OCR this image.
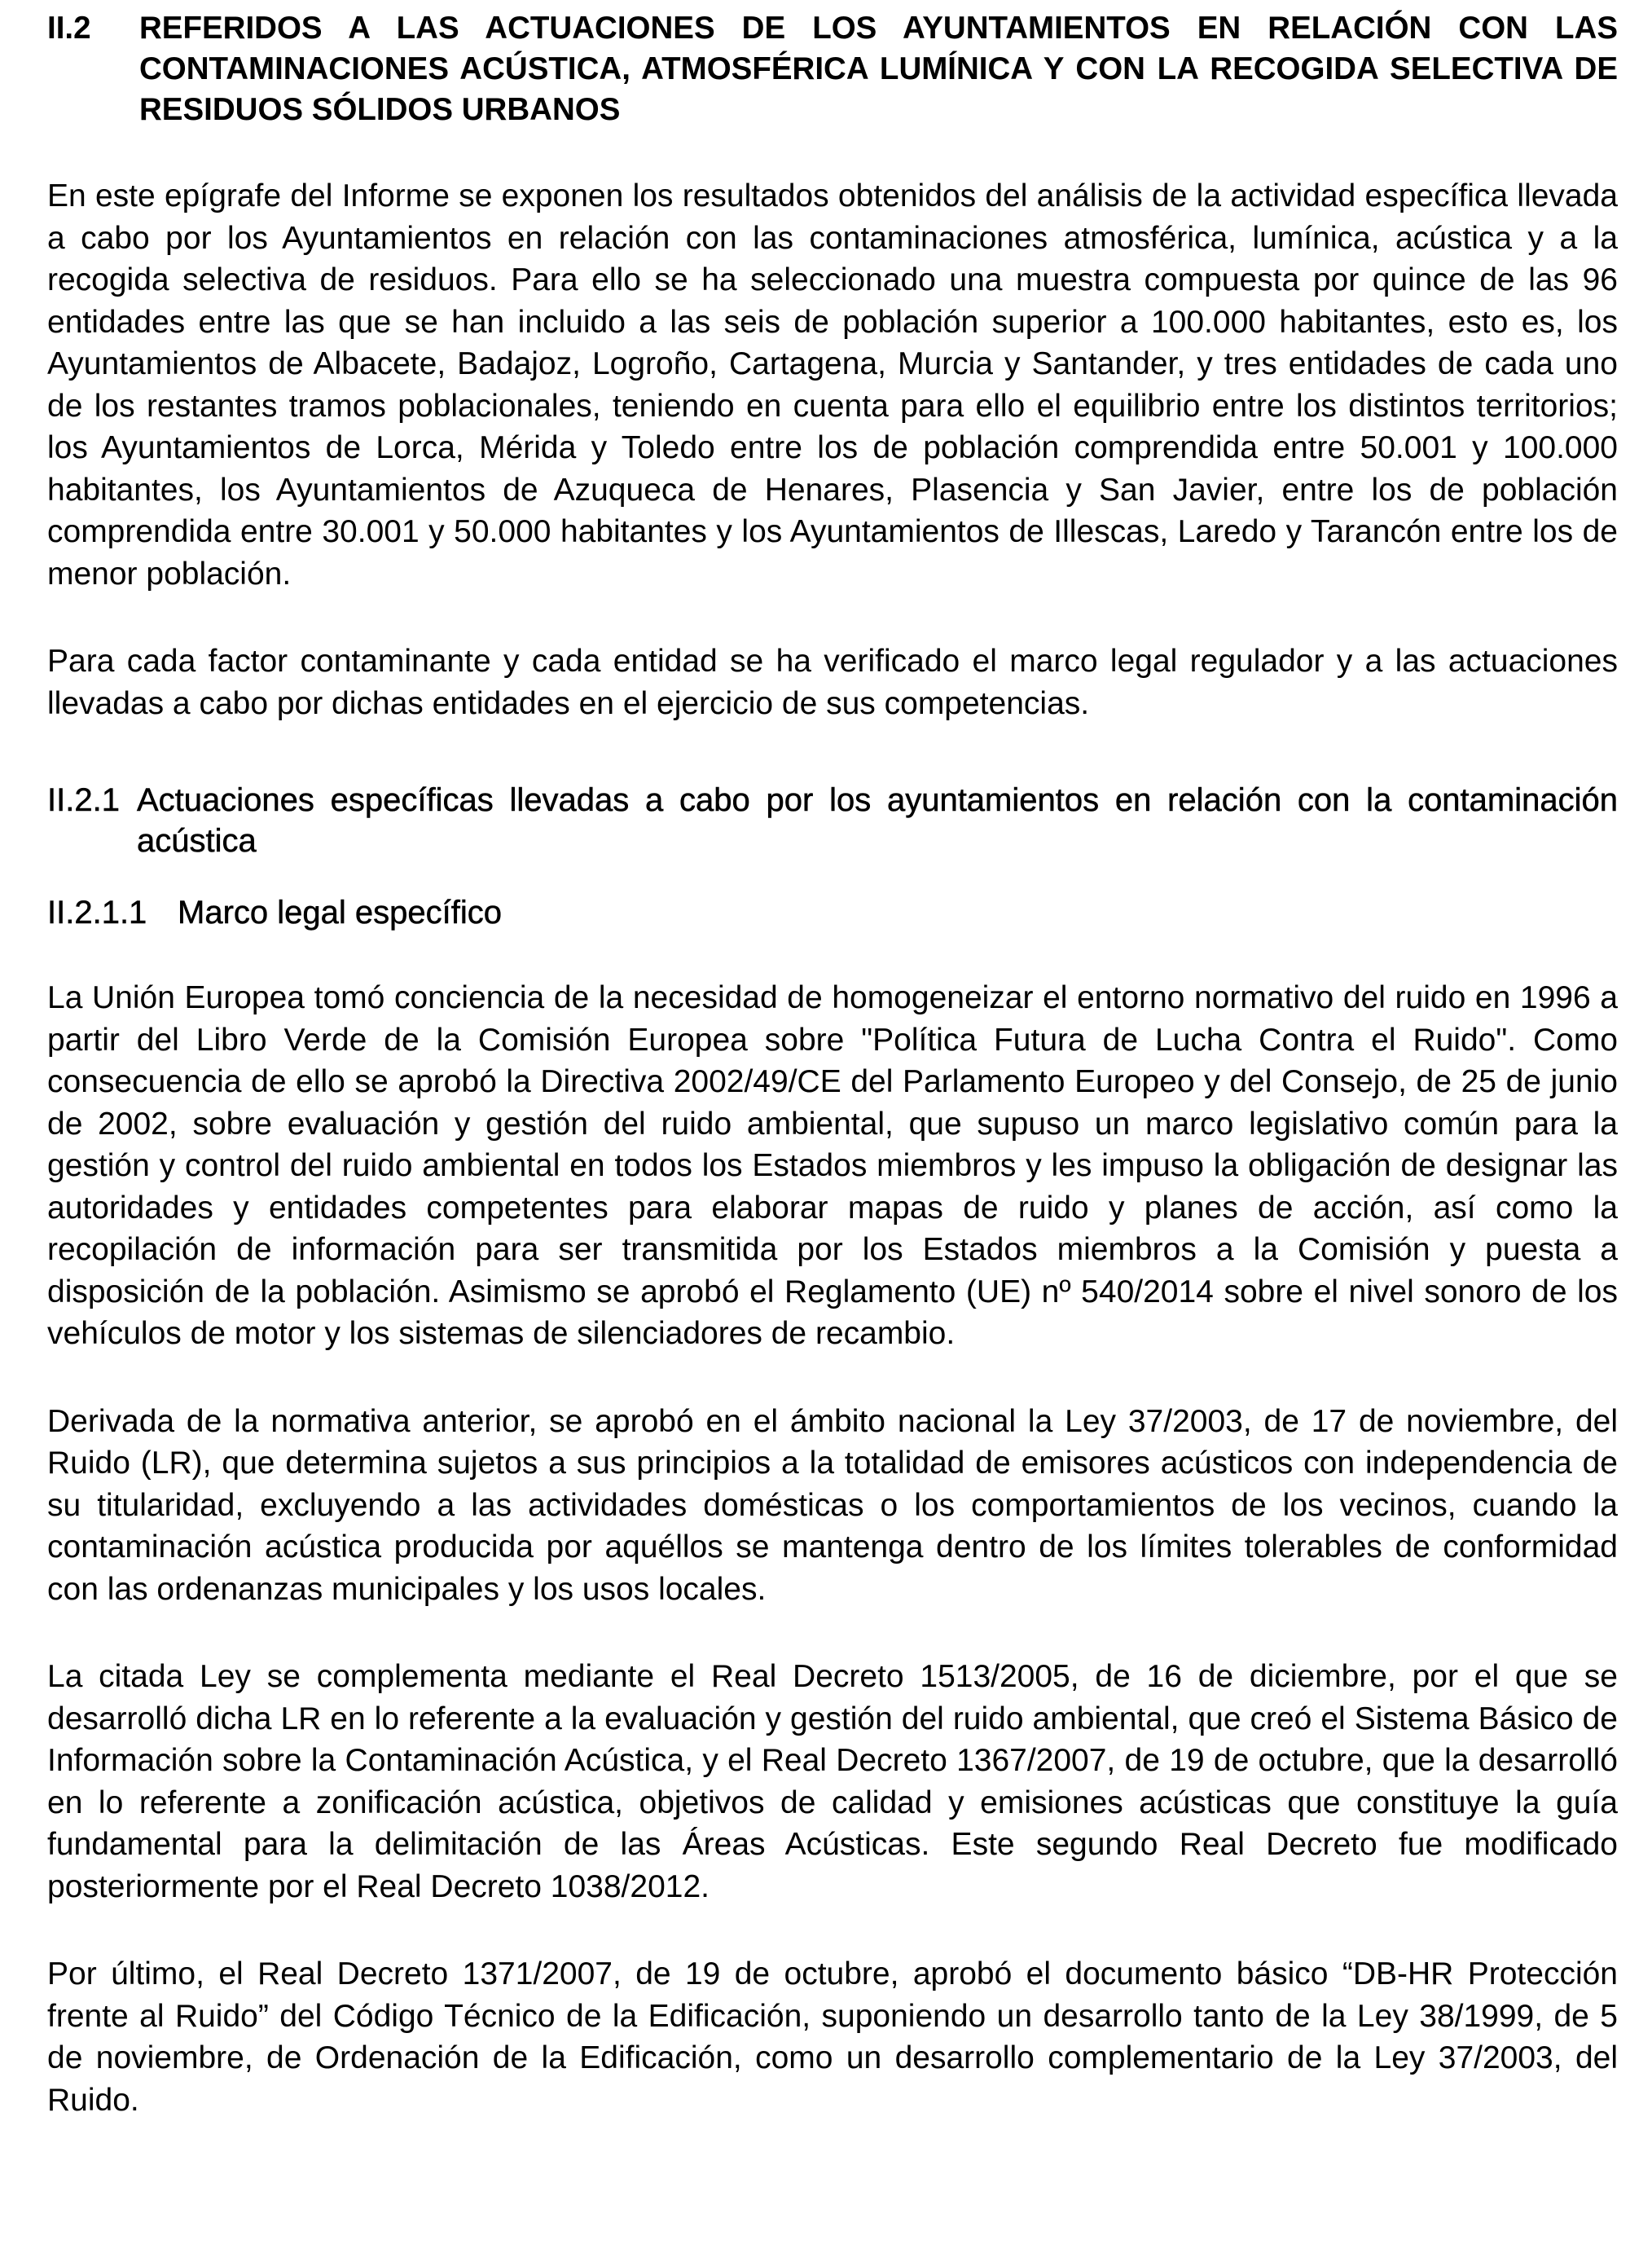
II.2	REFERIDOS A LAS ACTUACIONES DE LOS AYUNTAMIENTOS EN RELACIÓN CON LAS CONTAMINACIONES ACÚSTICA, ATMOSFÉRICA LUMÍNICA Y CON LA RECOGIDA SELECTIVA DE RESIDUOS SÓLIDOS URBANOS

En este epígrafe del Informe se exponen los resultados obtenidos del análisis de la actividad específica llevada a cabo por los Ayuntamientos en relación con las contaminaciones atmosférica, lumínica, acústica y a la recogida selectiva de residuos. Para ello se ha seleccionado una muestra compuesta por quince de las 96 entidades entre las que se han incluido a las seis de población superior a 100.000 habitantes, esto es, los Ayuntamientos de Albacete, Badajoz, Logroño, Cartagena, Murcia y Santander, y tres entidades de cada uno de los restantes tramos poblacionales, teniendo en cuenta para ello el equilibrio entre los distintos territorios; los Ayuntamientos de Lorca, Mérida y Toledo entre los de población comprendida entre 50.001 y 100.000 habitantes, los Ayuntamientos de Azuqueca de Henares, Plasencia y San Javier, entre los de población comprendida entre 30.001 y 50.000 habitantes y los Ayuntamientos de Illescas, Laredo y Tarancón entre los de menor población.

Para cada factor contaminante y cada entidad se ha verificado el marco legal regulador y a las actuaciones llevadas a cabo por dichas entidades en el ejercicio de sus competencias.

II.2.1 Actuaciones específicas llevadas a cabo por los ayuntamientos en relación con la contaminación acústica
II.2.1.1 Marco legal específico

La Unión Europea tomó conciencia de la necesidad de homogeneizar el entorno normativo del ruido en 1996 a partir del Libro Verde de la Comisión Europea sobre "Política Futura de Lucha Contra el Ruido". Como consecuencia de ello se aprobó la Directiva 2002/49/CE del Parlamento Europeo y del Consejo, de 25 de junio de 2002, sobre evaluación y gestión del ruido ambiental, que supuso un marco legislativo común para la gestión y control del ruido ambiental en todos los Estados miembros y les impuso la obligación de designar las autoridades y entidades competentes para elaborar mapas de ruido y planes de acción, así como la recopilación de información para ser transmitida por los Estados miembros a la Comisión y puesta a disposición de la población. Asimismo se aprobó el Reglamento (UE) nº 540/2014 sobre el nivel sonoro de los vehículos de motor y los sistemas de silenciadores de recambio.

Derivada de la normativa anterior, se aprobó en el ámbito nacional la Ley 37/2003, de 17 de noviembre, del Ruido (LR), que determina sujetos a sus principios a la totalidad de emisores acústicos con independencia de su titularidad, excluyendo a las actividades domésticas o los comportamientos de los vecinos, cuando la contaminación acústica producida por aquéllos se mantenga dentro de los límites tolerables de conformidad con las ordenanzas municipales y los usos locales.

La citada Ley se complementa mediante el Real Decreto 1513/2005, de 16 de diciembre, por el que se desarrolló dicha LR en lo referente a la evaluación y gestión del ruido ambiental, que creó el Sistema Básico de Información sobre la Contaminación Acústica, y el Real Decreto 1367/2007, de 19 de octubre, que la desarrolló en lo referente a zonificación acústica, objetivos de calidad y emisiones acústicas que constituye la guía fundamental para la delimitación de las Áreas Acústicas. Este segundo Real Decreto fue modificado posteriormente por el Real Decreto 1038/2012.

Por último, el Real Decreto 1371/2007, de 19 de octubre, aprobó el documento básico “DB-HR Protección frente al Ruido” del Código Técnico de la Edificación, suponiendo un desarrollo tanto de la Ley 38/1999, de 5 de noviembre, de Ordenación de la Edificación, como un desarrollo complementario de la Ley 37/2003, del Ruido.
